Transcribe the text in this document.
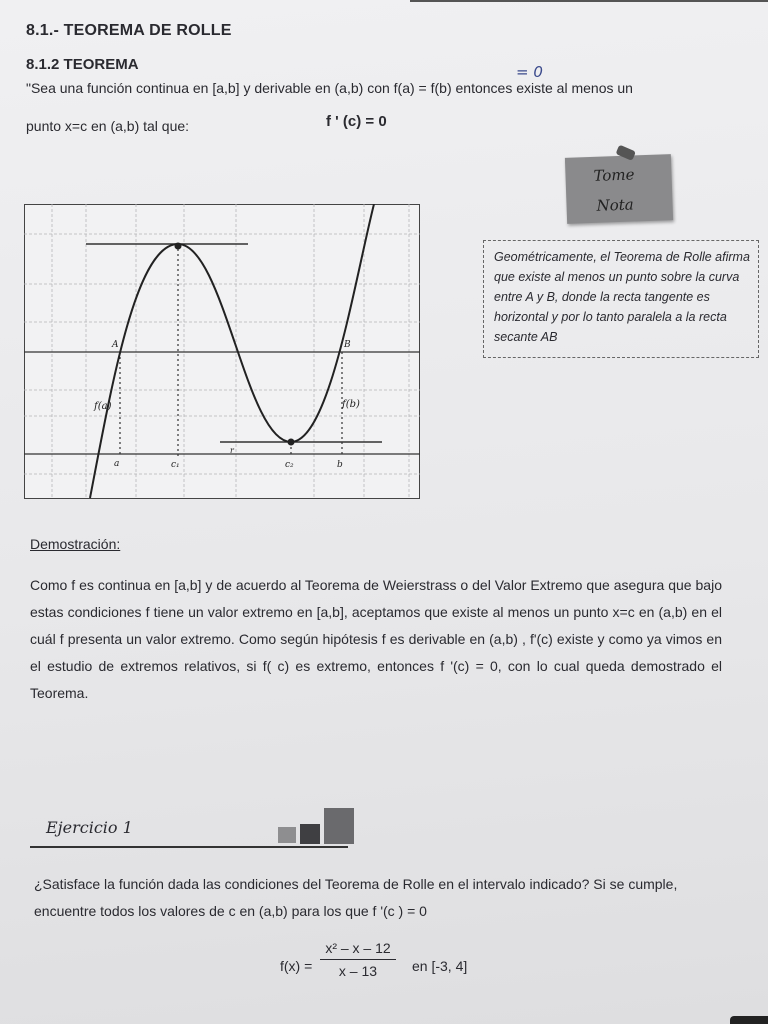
8.1.- TEOREMA DE ROLLE
8.1.2 TEOREMA	= 0
"Sea una función continua en [a,b] y derivable en (a,b) con f(a) = f(b) entonces existe al menos un
punto x=c en (a,b) tal que:	f ' (c) = 0
Tome
Nota

Geométricamente, el Teorema de Rolle afirma que existe al menos un punto sobre la curva entre A y B, donde la recta tangente es horizontal y por lo tanto paralela a la recta secante AB

A	B
f(a)	f(b)
a	c₁	c₂	b
r
Demostración:

Como f es continua en [a,b] y de acuerdo al Teorema de Weierstrass o del Valor Extremo que asegura que bajo estas condiciones f tiene un valor extremo en [a,b], aceptamos que existe al menos un punto x=c en (a,b) en el cuál f presenta un valor extremo. Como según hipótesis f es derivable en (a,b) , f'(c) existe y como ya vimos en el estudio de extremos relativos, si f( c) es extremo, entonces f '(c) = 0, con lo cual queda demostrado el Teorema.

Ejercicio 1

¿Satisface la función dada las condiciones del Teorema de Rolle en el intervalo indicado? Si se cumple, encuentre todos los valores de c en (a,b) para los que f '(c ) = 0

$f(x) = \frac{\text{x² – x – 12}}{x - 13}$ en [-3, 4]
